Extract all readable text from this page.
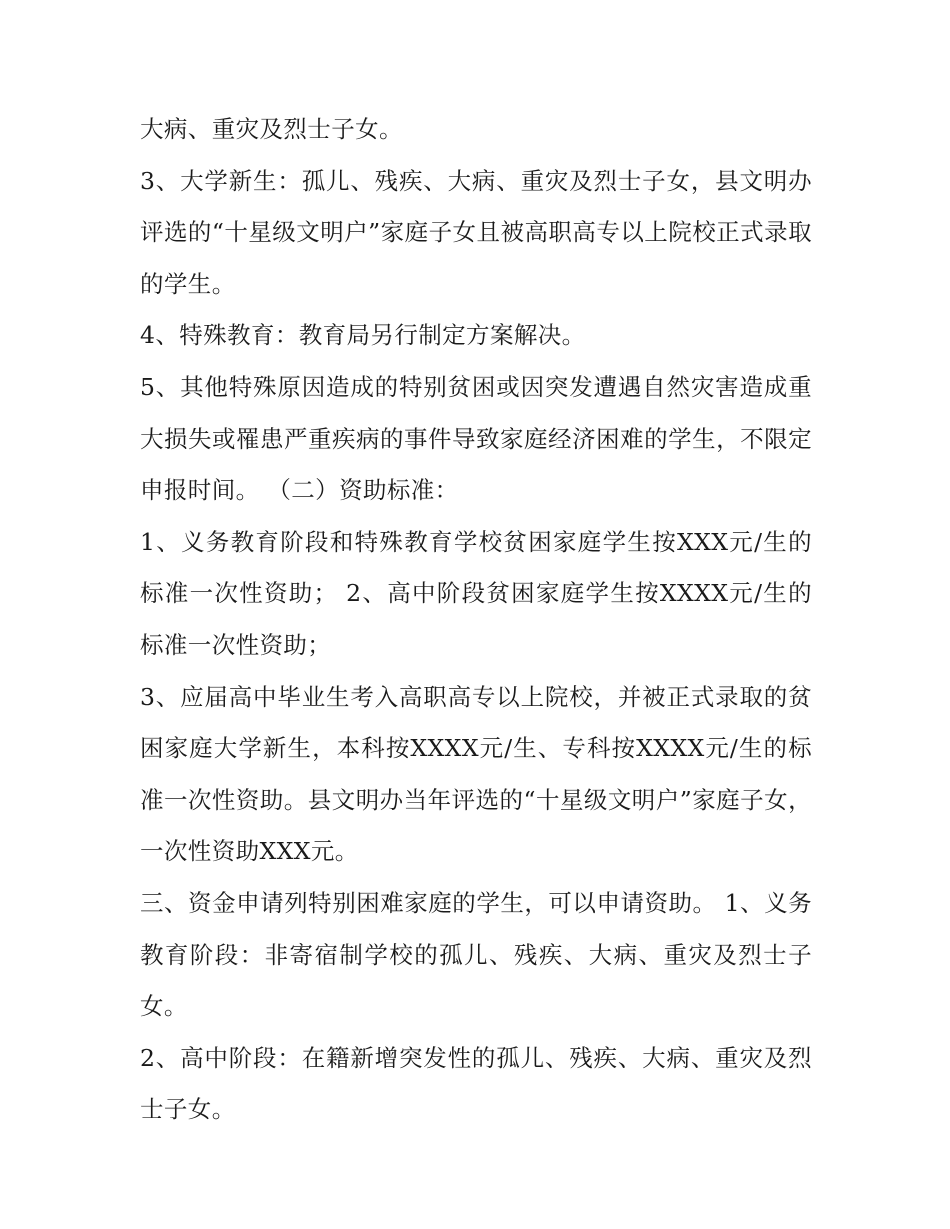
大病、重灾及烈士子女。

3、大学新生：孤儿、残疾、大病、重灾及烈士子女，县文明办评选的“十星级文明户”家庭子女且被高职高专以上院校正式录取的学生。

4、特殊教育：教育局另行制定方案解决。

5、其他特殊原因造成的特别贫困或因突发遭遇自然灾害造成重大损失或罹患严重疾病的事件导致家庭经济困难的学生，不限定申报时间。 （二）资助标准：

1、义务教育阶段和特殊教育学校贫困家庭学生按XXX元/生的标准一次性资助； 2、高中阶段贫困家庭学生按XXXX元/生的标准一次性资助；

3、应届高中毕业生考入高职高专以上院校，并被正式录取的贫困家庭大学新生，本科按XXXX元/生、专科按XXXX元/生的标准一次性资助。县文明办当年评选的“十星级文明户”家庭子女，一次性资助XXX元。

三、资金申请列特别困难家庭的学生，可以申请资助。 1、义务教育阶段：非寄宿制学校的孤儿、残疾、大病、重灾及烈士子女。

2、高中阶段：在籍新增突发性的孤儿、残疾、大病、重灾及烈士子女。
